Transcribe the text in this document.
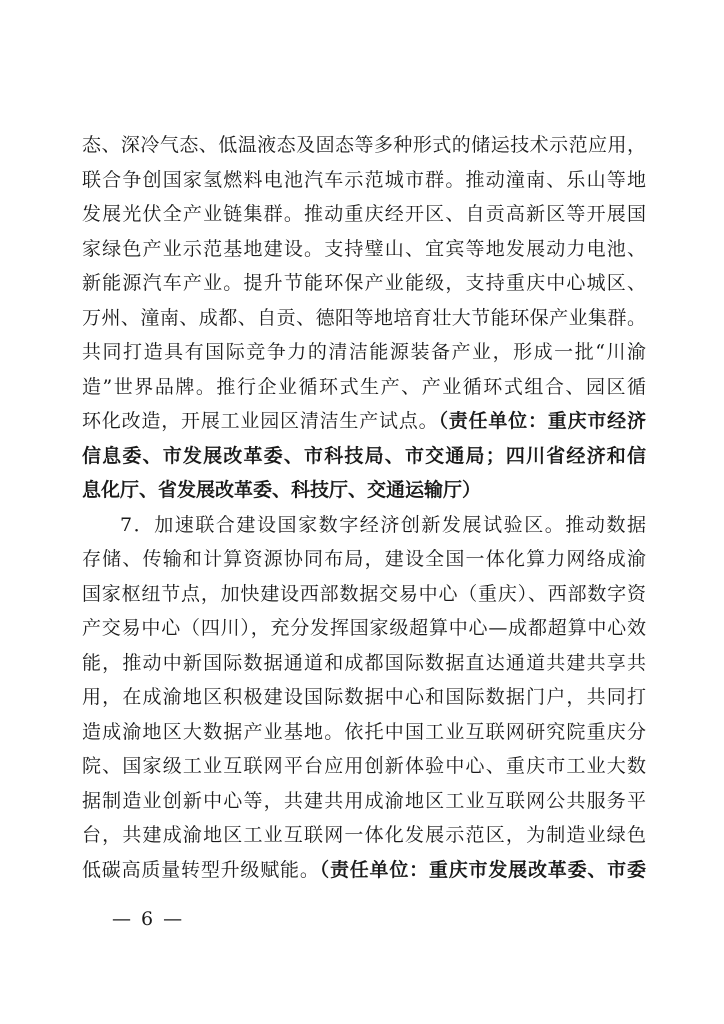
态、深冷气态、低温液态及固态等多种形式的储运技术示范应用，
联合争创国家氢燃料电池汽车示范城市群。推动潼南、乐山等地
发展光伏全产业链集群。推动重庆经开区、自贡高新区等开展国
家绿色产业示范基地建设。支持璧山、宜宾等地发展动力电池、
新能源汽车产业。提升节能环保产业能级，支持重庆中心城区、
万州、潼南、成都、自贡、德阳等地培育壮大节能环保产业集群。
共同打造具有国际竞争力的清洁能源装备产业，形成一批“川渝
造”世界品牌。推行企业循环式生产、产业循环式组合、园区循
环化改造，开展工业园区清洁生产试点。（责任单位：重庆市经济
信息委、市发展改革委、市科技局、市交通局；四川省经济和信
息化厅、省发展改革委、科技厅、交通运输厅）
7．加速联合建设国家数字经济创新发展试验区。推动数据
存储、传输和计算资源协同布局，建设全国一体化算力网络成渝
国家枢纽节点，加快建设西部数据交易中心（重庆）、西部数字资
产交易中心（四川），充分发挥国家级超算中心—成都超算中心效
能，推动中新国际数据通道和成都国际数据直达通道共建共享共
用，在成渝地区积极建设国际数据中心和国际数据门户，共同打
造成渝地区大数据产业基地。依托中国工业互联网研究院重庆分
院、国家级工业互联网平台应用创新体验中心、重庆市工业大数
据制造业创新中心等，共建共用成渝地区工业互联网公共服务平
台，共建成渝地区工业互联网一体化发展示范区，为制造业绿色
低碳高质量转型升级赋能。（责任单位：重庆市发展改革委、市委
— 6 —
